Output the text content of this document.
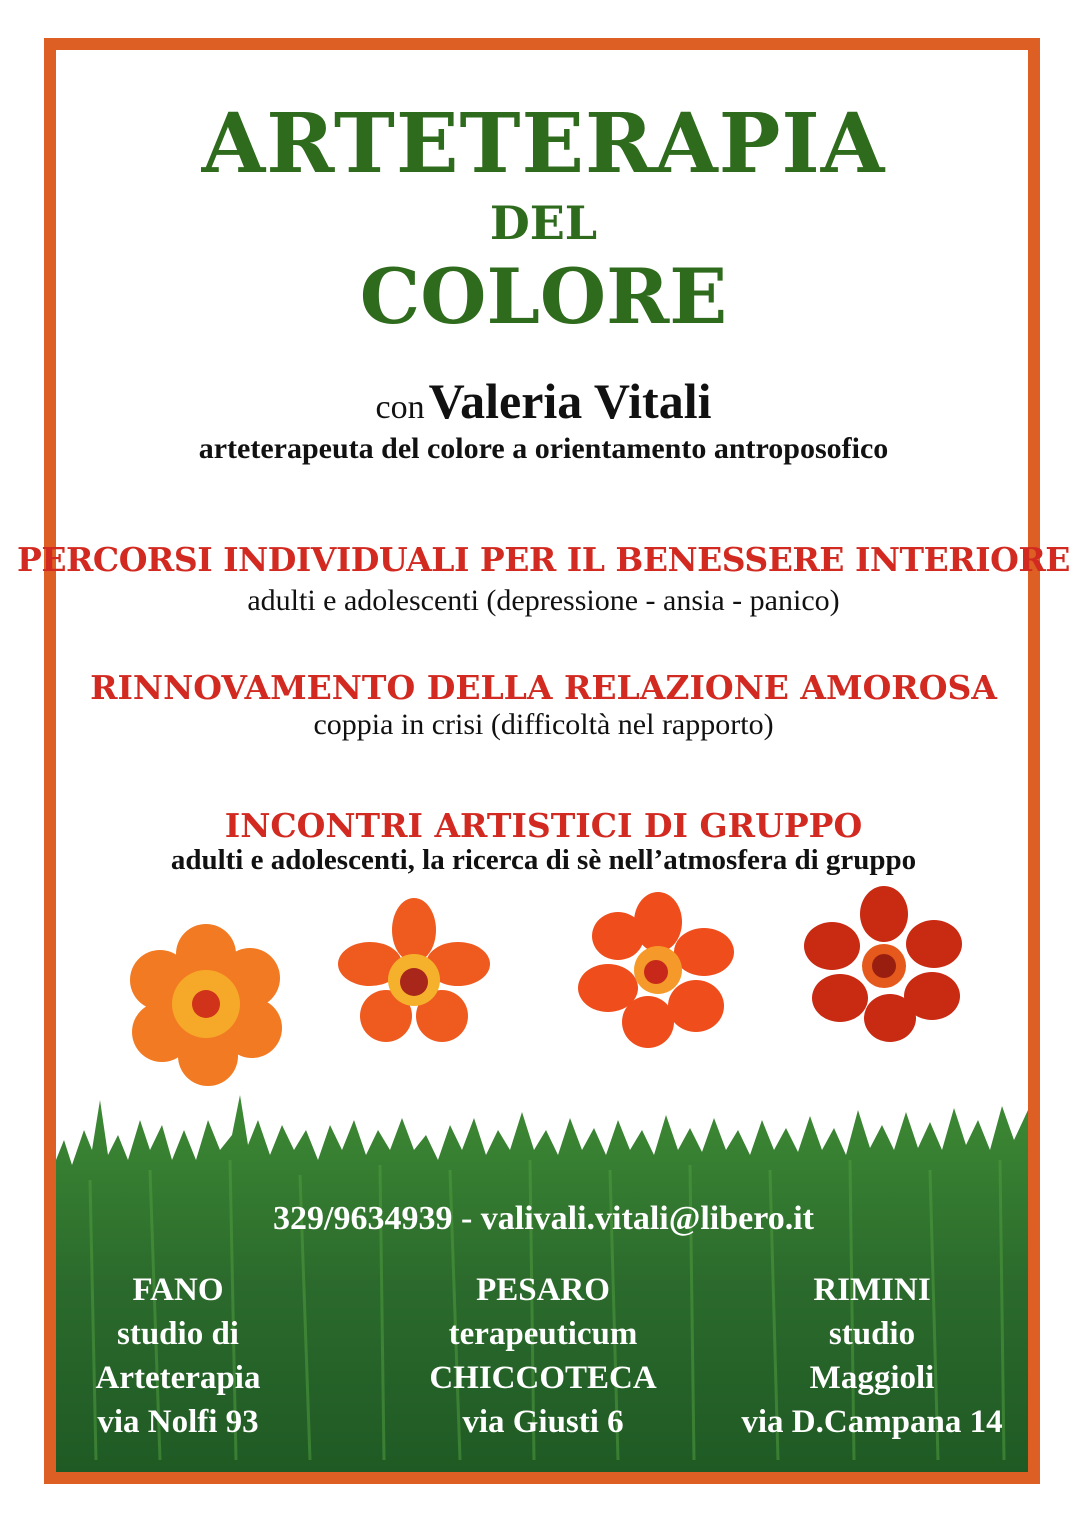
ARTETERAPIA
DEL
COLORE
con Valeria Vitali
arteterapeuta del colore a orientamento antroposofico
PERCORSI INDIVIDUALI PER IL BENESSERE INTERIORE
adulti e adolescenti (depressione - ansia - panico)
RINNOVAMENTO DELLA RELAZIONE AMOROSA
coppia in crisi (difficoltà nel rapporto)
INCONTRI ARTISTICI DI GRUPPO
adulti e adolescenti, la ricerca di sè nell’atmosfera di gruppo
329/9634939 - valivali.vitali@libero.it
FANO
studio di
Arteterapia
via Nolfi 93
PESARO
terapeuticum
CHICCOTECA
via Giusti 6
RIMINI
studio
Maggioli
via D.Campana 14
